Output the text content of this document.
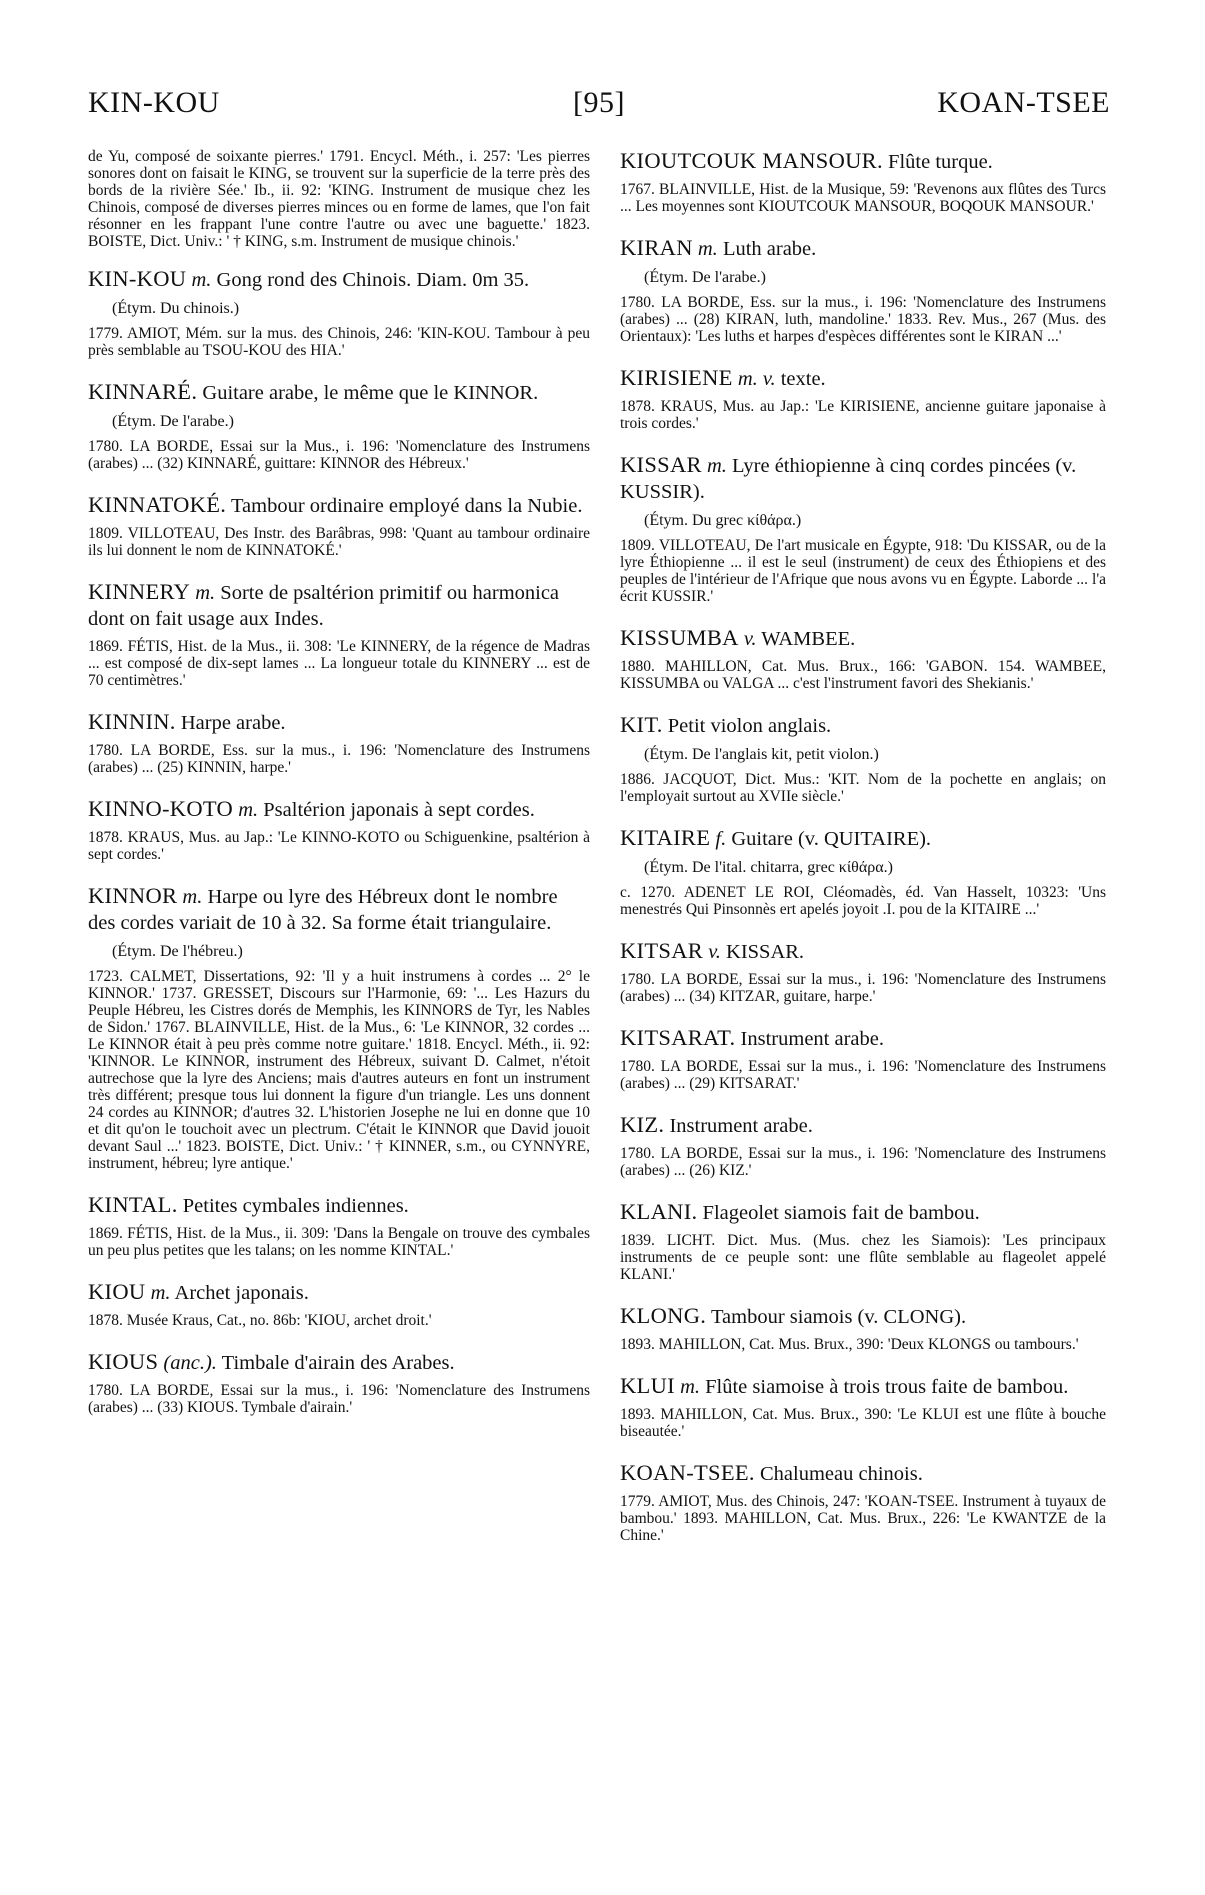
KIN-KOU	[95]	KOAN-TSEE

de Yu, composé de soixante pierres.' 1791. Encycl. Méth., i. 257: 'Les pierres sonores dont on faisait le KING, se trouvent sur la superficie de la terre près des bords de la rivière Sée.' Ib., ii. 92: 'KING. Instrument de musique chez les Chinois, composé de diverses pierres minces ou en forme de lames, que l'on fait résonner en les frappant l'une contre l'autre ou avec une baguette.' 1823. BOISTE, Dict. Univ.: ' † KING, s.m. Instrument de musique chinois.'

KIN-KOU m. Gong rond des Chinois. Diam. 0m 35.

(Étym. Du chinois.)

1779. AMIOT, Mém. sur la mus. des Chinois, 246: 'KIN-KOU. Tambour à peu près semblable au TSOU-KOU des HIA.'

KINNARÉ. Guitare arabe, le même que le KINNOR.

(Étym. De l'arabe.)

1780. LA BORDE, Essai sur la Mus., i. 196: 'Nomenclature des Instrumens (arabes) ... (32) KINNARÉ, guittare: KINNOR des Hébreux.'

KINNATOKÉ. Tambour ordinaire employé dans la Nubie.

1809. VILLOTEAU, Des Instr. des Barâbras, 998: 'Quant au tambour ordinaire ils lui donnent le nom de KINNATOKÉ.'

KINNERY m. Sorte de psaltérion primitif ou harmonica dont on fait usage aux Indes.

1869. FÉTIS, Hist. de la Mus., ii. 308: 'Le KINNERY, de la régence de Madras ... est composé de dix-sept lames ... La longueur totale du KINNERY ... est de 70 centimètres.'

KINNIN. Harpe arabe.

1780. LA BORDE, Ess. sur la mus., i. 196: 'Nomenclature des Instrumens (arabes) ... (25) KINNIN, harpe.'

KINNO-KOTO m. Psaltérion japonais à sept cordes.

1878. KRAUS, Mus. au Jap.: 'Le KINNO-KOTO ou Schiguenkine, psaltérion à sept cordes.'

KINNOR m. Harpe ou lyre des Hébreux dont le nombre des cordes variait de 10 à 32. Sa forme était triangulaire.

(Étym. De l'hébreu.)

1723. CALMET, Dissertations, 92: 'Il y a huit instrumens à cordes ... 2° le KINNOR.' 1737. GRESSET, Discours sur l'Harmonie, 69: '... Les Hazurs du Peuple Hébreu, les Cistres dorés de Memphis, les KINNORS de Tyr, les Nables de Sidon.' 1767. BLAINVILLE, Hist. de la Mus., 6: 'Le KINNOR, 32 cordes ... Le KINNOR était à peu près comme notre guitare.' 1818. Encycl. Méth., ii. 92: 'KINNOR. Le KINNOR, instrument des Hébreux, suivant D. Calmet, n'étoit autrechose que la lyre des Anciens; mais d'autres auteurs en font un instrument très différent; presque tous lui donnent la figure d'un triangle. Les uns donnent 24 cordes au KINNOR; d'autres 32. L'historien Josephe ne lui en donne que 10 et dit qu'on le touchoit avec un plectrum. C'était le KINNOR que David jouoit devant Saul ...' 1823. BOISTE, Dict. Univ.: ' † KINNER, s.m., ou CYNNYRE, instrument, hébreu; lyre antique.'

KINTAL. Petites cymbales indiennes.

1869. FÉTIS, Hist. de la Mus., ii. 309: 'Dans la Bengale on trouve des cymbales un peu plus petites que les talans; on les nomme KINTAL.'

KIOU m. Archet japonais.

1878. Musée Kraus, Cat., no. 86b: 'KIOU, archet droit.'

KIOUS (anc.). Timbale d'airain des Arabes.

1780. LA BORDE, Essai sur la mus., i. 196: 'Nomenclature des Instrumens (arabes) ... (33) KIOUS. Tymbale d'airain.'

KIOUTCOUK MANSOUR. Flûte turque.

1767. BLAINVILLE, Hist. de la Musique, 59: 'Revenons aux flûtes des Turcs ... Les moyennes sont KIOUTCOUK MANSOUR, BOQOUK MANSOUR.'

KIRAN m. Luth arabe.

(Étym. De l'arabe.)

1780. LA BORDE, Ess. sur la mus., i. 196: 'Nomenclature des Instrumens (arabes) ... (28) KIRAN, luth, mandoline.' 1833. Rev. Mus., 267 (Mus. des Orientaux): 'Les luths et harpes d'espèces différentes sont le KIRAN ...'

KIRISIENE m. v. texte.

1878. KRAUS, Mus. au Jap.: 'Le KIRISIENE, ancienne guitare japonaise à trois cordes.'

KISSAR m. Lyre éthiopienne à cinq cordes pincées (v. KUSSIR).

(Étym. Du grec κίθάρα.)

1809. VILLOTEAU, De l'art musicale en Égypte, 918: 'Du KISSAR, ou de la lyre Éthiopienne ... il est le seul (instrument) de ceux des Éthiopiens et des peuples de l'intérieur de l'Afrique que nous avons vu en Égypte. Laborde ... l'a écrit KUSSIR.'

KISSUMBA v. WAMBEE.

1880. MAHILLON, Cat. Mus. Brux., 166: 'GABON. 154. WAMBEE, KISSUMBA ou VALGA ... c'est l'instrument favori des Shekianis.'

KIT. Petit violon anglais.

(Étym. De l'anglais kit, petit violon.)

1886. JACQUOT, Dict. Mus.: 'KIT. Nom de la pochette en anglais; on l'employait surtout au XVIIe siècle.'

KITAIRE f. Guitare (v. QUITAIRE).

(Étym. De l'ital. chitarra, grec κίθάρα.)

c. 1270. ADENET LE ROI, Cléomadès, éd. Van Hasselt, 10323: 'Uns menestrés Qui Pinsonnès ert apelés joyoit .I. pou de la KITAIRE ...'

KITSAR v. KISSAR.

1780. LA BORDE, Essai sur la mus., i. 196: 'Nomenclature des Instrumens (arabes) ... (34) KITZAR, guitare, harpe.'

KITSARAT. Instrument arabe.

1780. LA BORDE, Essai sur la mus., i. 196: 'Nomenclature des Instrumens (arabes) ... (29) KITSARAT.'

KIZ. Instrument arabe.

1780. LA BORDE, Essai sur la mus., i. 196: 'Nomenclature des Instrumens (arabes) ... (26) KIZ.'

KLANI. Flageolet siamois fait de bambou.

1839. LICHT. Dict. Mus. (Mus. chez les Siamois): 'Les principaux instruments de ce peuple sont: une flûte semblable au flageolet appelé KLANI.'

KLONG. Tambour siamois (v. CLONG).

1893. MAHILLON, Cat. Mus. Brux., 390: 'Deux KLONGS ou tambours.'

KLUI m. Flûte siamoise à trois trous faite de bambou.

1893. MAHILLON, Cat. Mus. Brux., 390: 'Le KLUI est une flûte à bouche biseautée.'

KOAN-TSEE. Chalumeau chinois.

1779. AMIOT, Mus. des Chinois, 247: 'KOAN-TSEE. Instrument à tuyaux de bambou.' 1893. MAHILLON, Cat. Mus. Brux., 226: 'Le KWANTZE de la Chine.'
